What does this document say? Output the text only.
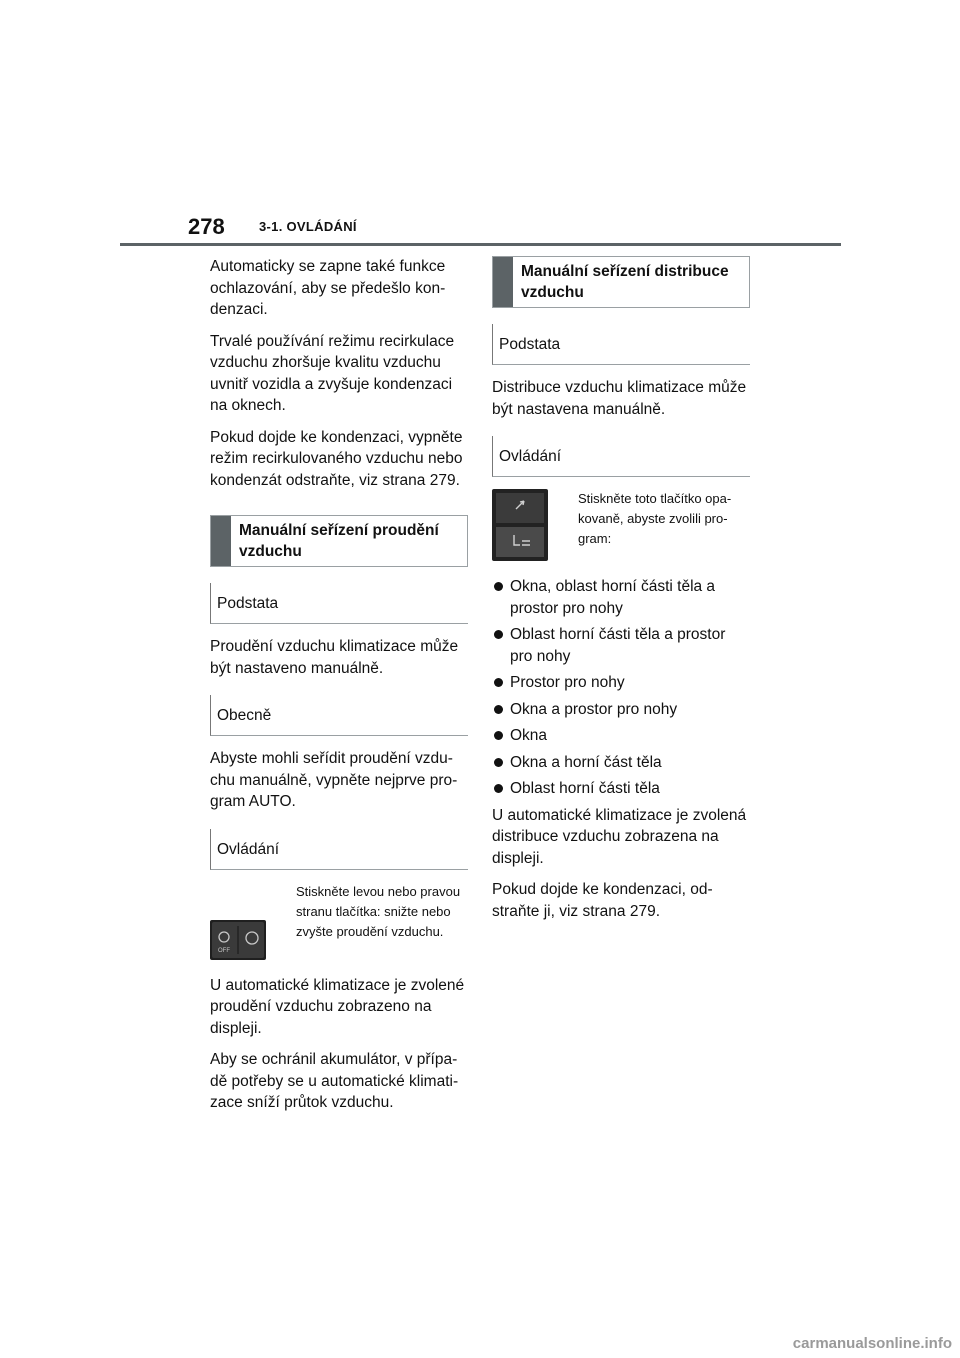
278	3-1. OVLÁDÁNÍ

Automaticky se zapne také funkce ochlazování, aby se předešlo kondenzaci.

Trvalé používání režimu recirkulace vzduchu zhoršuje kvalitu vzduchu uvnitř vozidla a zvyšuje kondenzaci na oknech.

Pokud dojde ke kondenzaci, vypněte režim recirkulovaného vzduchu nebo kondenzát odstraňte, viz strana 279.

Manuální seřízení proudění vzduchu
Podstata

Proudění vzduchu klimatizace může být nastaveno manuálně.

Obecně

Abyste mohli seřídit proudění vzduchu manuálně, vypněte nejprve program AUTO.

Ovládání
OFF
Stiskněte levou nebo pravou stranu tlačítka: snižte nebo zvyšte proudění vzduchu.

U automatické klimatizace je zvolené proudění vzduchu zobrazeno na displeji.

Aby se ochránil akumulátor, v případě potřeby se u automatické klimatizace sníží průtok vzduchu.

Manuální seřízení distribuce vzduchu
Podstata

Distribuce vzduchu klimatizace může být nastavena manuálně.

Ovládání
Stiskněte toto tlačítko opakovaně, abyste zvolili program:
Okna, oblast horní části těla a prostor pro nohy
Oblast horní části těla a prostor pro nohy
Prostor pro nohy
Okna a prostor pro nohy
Okna
Okna a horní část těla
Oblast horní části těla

U automatické klimatizace je zvolená distribuce vzduchu zobrazena na displeji.

Pokud dojde ke kondenzaci, odstraňte ji, viz strana 279.

carmanualsonline.info
